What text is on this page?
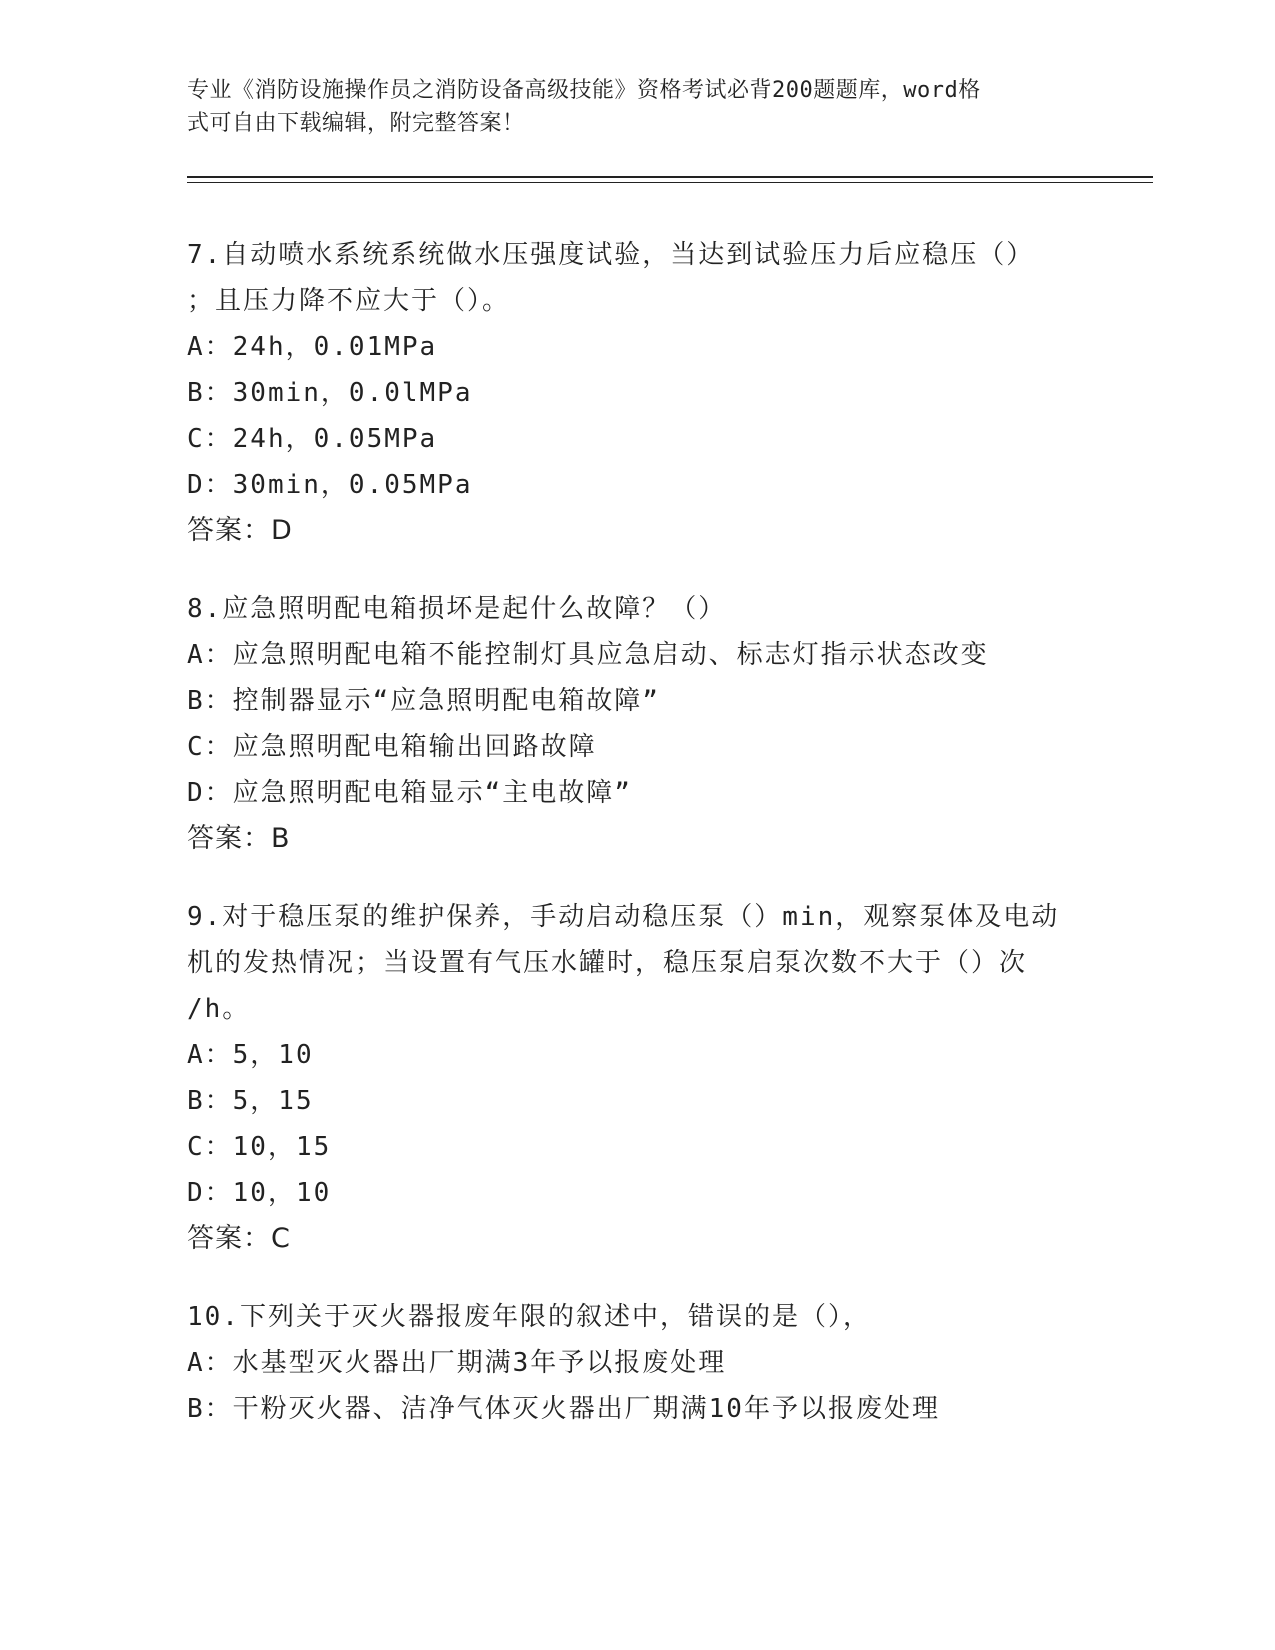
专业《消防设施操作员之消防设备高级技能》资格考试必背200题题库，word格
式可自由下载编辑，附完整答案！
7.自动喷水系统系统做水压强度试验，当达到试验压力后应稳压（）
；且压力降不应大于（）。
A：24h，0.01MPa
B：30min，0.0lMPa
C：24h，0.05MPa
D：30min，0.05MPa
答案：D
8.应急照明配电箱损坏是起什么故障？（）
A：应急照明配电箱不能控制灯具应急启动、标志灯指示状态改变
B：控制器显示“应急照明配电箱故障”
C：应急照明配电箱输出回路故障
D：应急照明配电箱显示“主电故障”
答案：B
9.对于稳压泵的维护保养，手动启动稳压泵（）min，观察泵体及电动
机的发热情况；当设置有气压水罐时，稳压泵启泵次数不大于（）次
/h。
A：5，10
B：5，15
C：10，15
D：10，10
答案：C
10.下列关于灭火器报废年限的叙述中，错误的是（），
A：水基型灭火器出厂期满3年予以报废处理
B：干粉灭火器、洁净气体灭火器出厂期满10年予以报废处理
